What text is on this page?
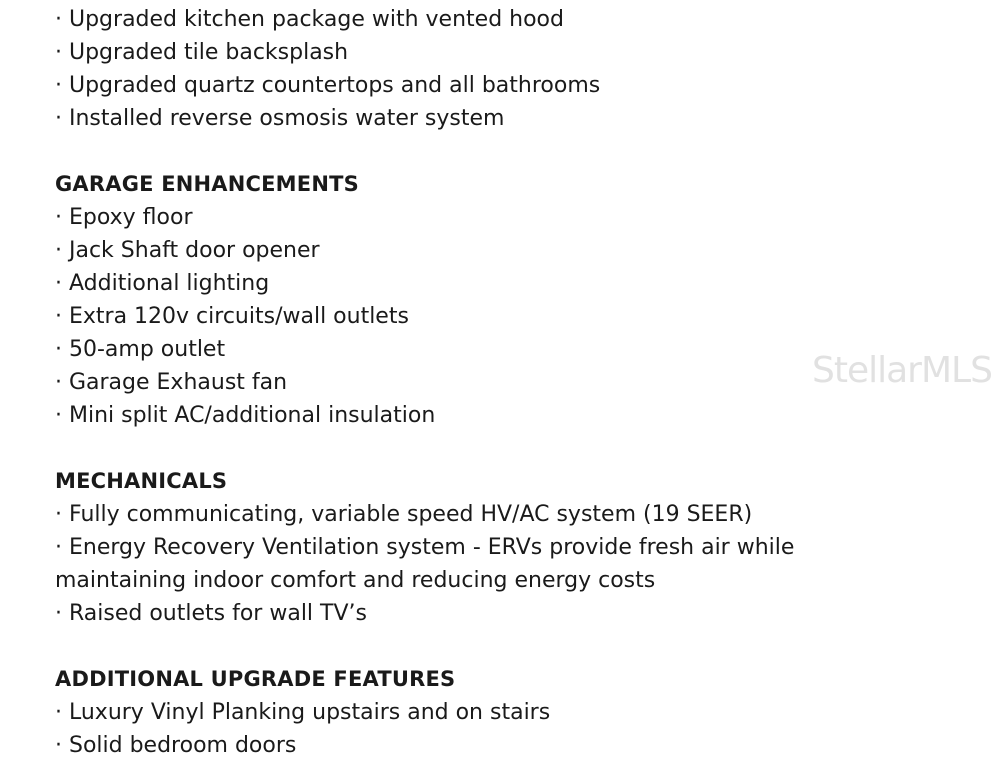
· Upgraded kitchen package with vented hood

· Upgraded tile backsplash

· Upgraded quartz countertops and all bathrooms

· Installed reverse osmosis water system

GARAGE ENHANCEMENTS

· Epoxy floor

· Jack Shaft door opener

· Additional lighting

· Extra 120v circuits/wall outlets

· 50-amp outlet

· Garage Exhaust fan

· Mini split AC/additional insulation

MECHANICALS

· Fully communicating, variable speed HV/AC system (19 SEER)

· Energy Recovery Ventilation system - ERVs provide fresh air while

maintaining indoor comfort and reducing energy costs

· Raised outlets for wall TV’s

ADDITIONAL UPGRADE FEATURES

· Luxury Vinyl Planking upstairs and on stairs

· Solid bedroom doors

StellarMLS
